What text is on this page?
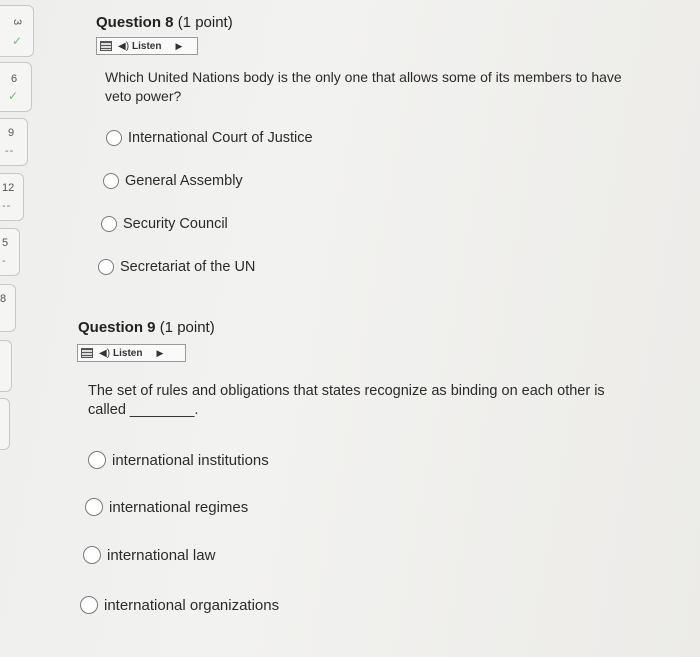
3
✓
6
✓
9
--
12
--
5
-
8
Question 8 (1 point)
◀) Listen ▶
Which United Nations body is the only one that allows some of its members to have
veto power?
International Court of Justice
General Assembly
Security Council
Secretariat of the UN
Question 9 (1 point)
◀) Listen ▶
The set of rules and obligations that states recognize as binding on each other is
called ________.
international institutions
international regimes
international law
international organizations
